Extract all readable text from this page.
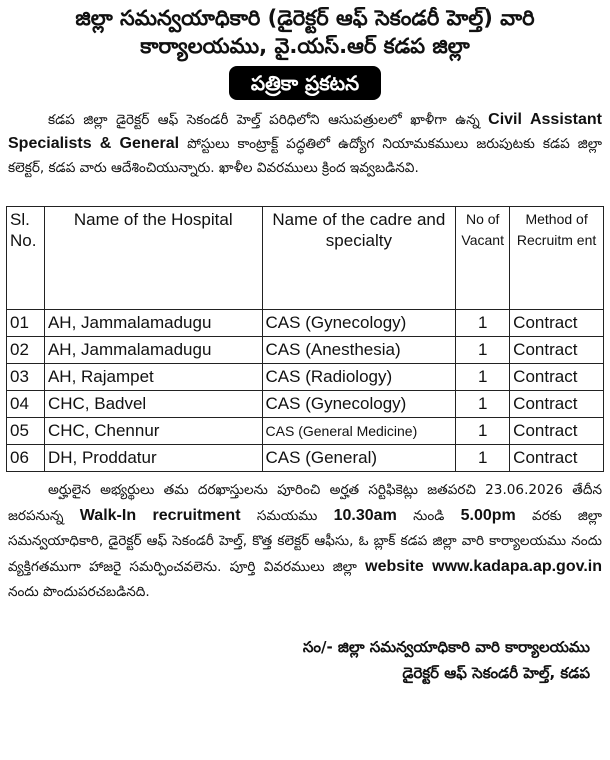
జిల్లా సమన్వయాధికారి (డైరెక్టర్ ఆఫ్ సెకండరీ హెల్త్) వారి
కార్యాలయము, వై.యస్.ఆర్ కడప జిల్లా
పత్రికా ప్రకటన
కడప జిల్లా డైరెక్టర్ ఆఫ్ సెకండరీ హెల్త్ పరిధిలోని ఆసుపత్రులలో ఖాళీగా ఉన్న Civil Assistant Specialists & General పోస్టులు కాంట్రాక్ట్ పద్ధతిలో ఉద్యోగ నియామకములు జరుపుటకు కడప జిల్లా కలెక్టర్, కడప వారు ఆదేశించియున్నారు. ఖాళీల వివరములు క్రింద ఇవ్వబడినవి.
Sl. No.	Name of the Hospital	Name of the cadre and specialty	No of Vacant	Method of Recruitm ent
01	AH, Jammalamadugu	CAS (Gynecology)	1	Contract
02	AH, Jammalamadugu	CAS (Anesthesia)	1	Contract
03	AH, Rajampet	CAS (Radiology)	1	Contract
04	CHC, Badvel	CAS (Gynecology)	1	Contract
05	CHC, Chennur	CAS (General Medicine)	1	Contract
06	DH, Proddatur	CAS (General)	1	Contract
అర్హులైన అభ్యర్థులు తమ దరఖాస్తులను పూరించి అర్హత సర్టిఫికెట్లు జతపరచి 23.06.2026 తేదీన జరపనున్న Walk-In recruitment సమయము 10.30am నుండి 5.00pm వరకు జిల్లా సమన్వయాధికారి, డైరెక్టర్ ఆఫ్ సెకండరీ హెల్త్, కొత్త కలెక్టర్ ఆఫీసు, ఓ బ్లాక్ కడప జిల్లా వారి కార్యాలయము నందు వ్యక్తిగతముగా హాజరై సమర్పించవలెను. పూర్తి వివరములు జిల్లా website www.kadapa.ap.gov.in నందు పొందుపరచబడినది.
సం/- జిల్లా సమన్వయాధికారి వారి కార్యాలయము
డైరెక్టర్ ఆఫ్ సెకండరీ హెల్త్, కడప
